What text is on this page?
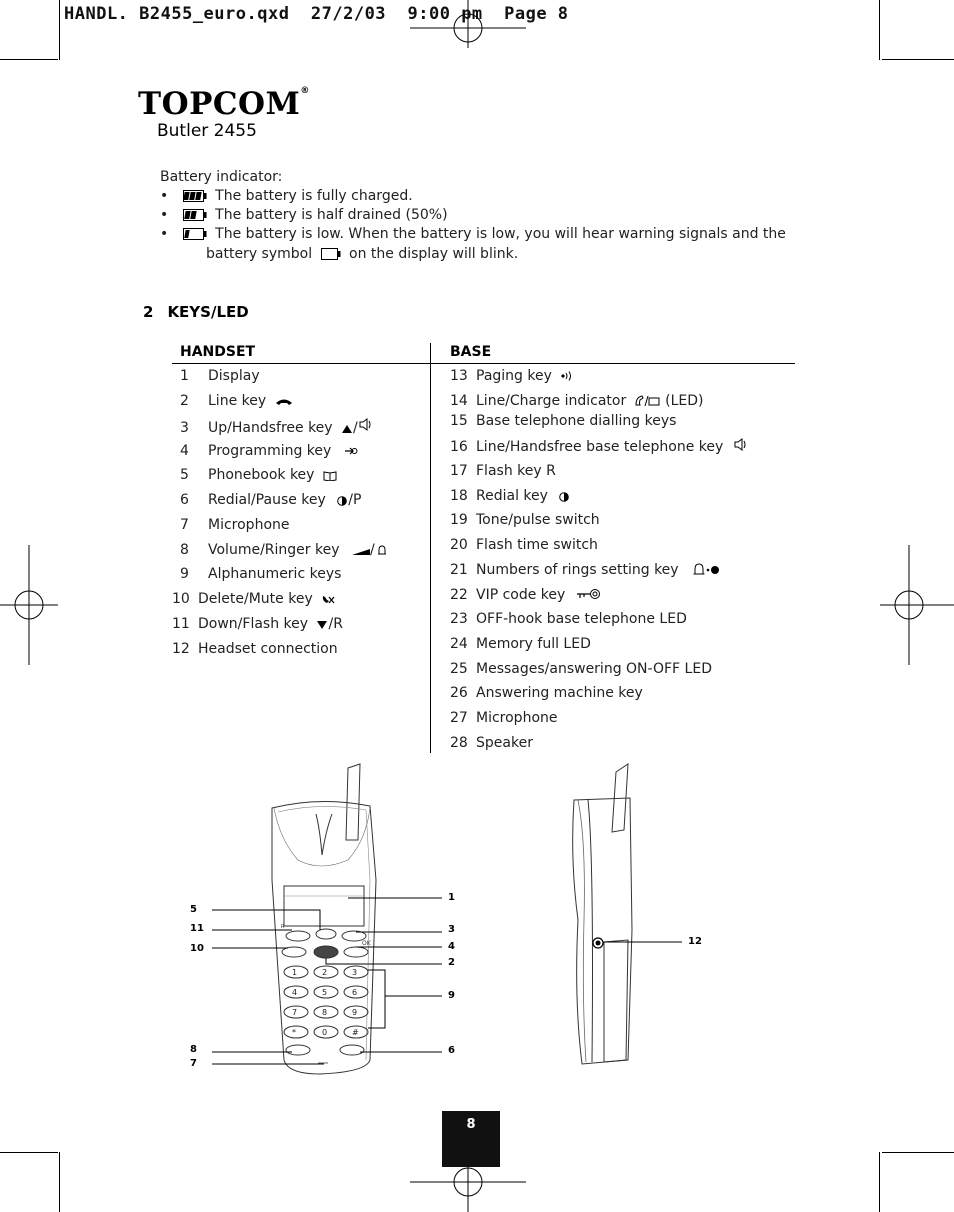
HANDL. B2455_euro.qxd  27/2/03  9:00 pm  Page 8
TOPCOM®
Butler 2455
Battery indicator:
•	The battery is fully charged.
•	The battery is half drained (50%)
•	The battery is low. When the battery is low, you will hear warning signals and the
battery symbol	on the display will blink.
2 KEYS/LED
HANDSET	BASE
1 Display
2 Line key
3 Up/Handsfree key /
4 Programming key
5 Phonebook key
6 Redial/Pause key /P
7 Microphone
8 Volume/Ringer key /
9 Alphanumeric keys
10 Delete/Mute key
11 Down/Flash key /R
12 Headset connection
13 Paging key
14 Line/Charge indicator	(LED)
15 Base telephone dialling keys
16 Line/Handsfree base telephone key
17 Flash key R
18 Redial key
19 Tone/pulse switch
20 Flash time switch
21 Numbers of rings setting key
22 VIP code key
23 OFF-hook base telephone LED
24 Memory full LED
25 Messages/answering ON-OFF LED
26 Answering machine key
27 Microphone
28 Speaker
R
OK
1	2	3
4	5	6
7	8	9
*	0	#
5
11
10
8
7
1
3
4
2
9
6
12
8
